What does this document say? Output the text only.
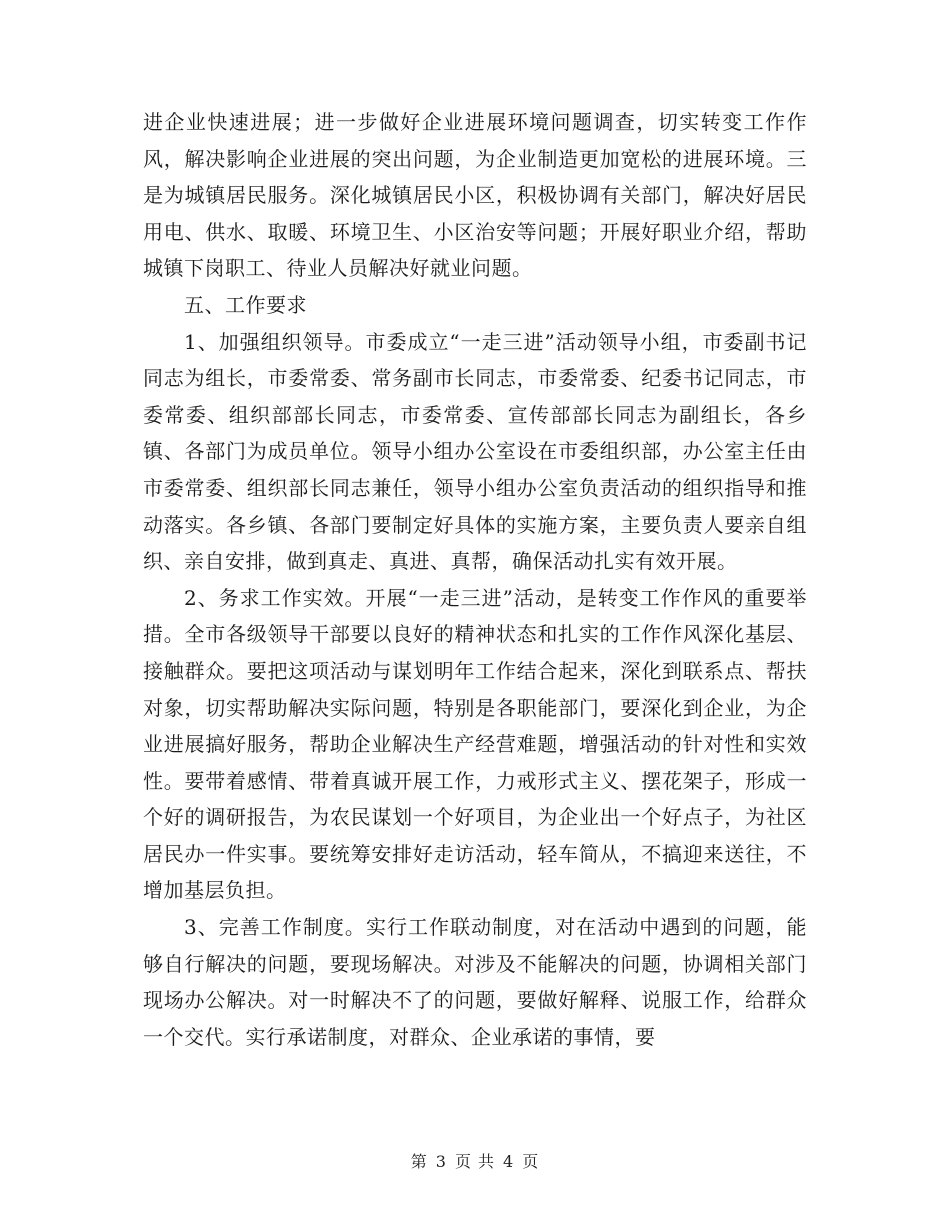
进企业快速进展；进一步做好企业进展环境问题调查，切实转变工作作风，解决影响企业进展的突出问题，为企业制造更加宽松的进展环境。三是为城镇居民服务。深化城镇居民小区，积极协调有关部门，解决好居民用电、供水、取暖、环境卫生、小区治安等问题；开展好职业介绍，帮助城镇下岗职工、待业人员解决好就业问题。

五、工作要求

1、加强组织领导。市委成立“一走三进”活动领导小组，市委副书记同志为组长，市委常委、常务副市长同志，市委常委、纪委书记同志，市委常委、组织部部长同志，市委常委、宣传部部长同志为副组长，各乡镇、各部门为成员单位。领导小组办公室设在市委组织部，办公室主任由市委常委、组织部长同志兼任，领导小组办公室负责活动的组织指导和推动落实。各乡镇、各部门要制定好具体的实施方案，主要负责人要亲自组织、亲自安排，做到真走、真进、真帮，确保活动扎实有效开展。

2、务求工作实效。开展“一走三进”活动，是转变工作作风的重要举措。全市各级领导干部要以良好的精神状态和扎实的工作作风深化基层、接触群众。要把这项活动与谋划明年工作结合起来，深化到联系点、帮扶对象，切实帮助解决实际问题，特别是各职能部门，要深化到企业，为企业进展搞好服务，帮助企业解决生产经营难题，增强活动的针对性和实效性。要带着感情、带着真诚开展工作，力戒形式主义、摆花架子，形成一个好的调研报告，为农民谋划一个好项目，为企业出一个好点子，为社区居民办一件实事。要统筹安排好走访活动，轻车简从，不搞迎来送往，不增加基层负担。

3、完善工作制度。实行工作联动制度，对在活动中遇到的问题，能够自行解决的问题，要现场解决。对涉及不能解决的问题，协调相关部门现场办公解决。对一时解决不了的问题，要做好解释、说服工作，给群众一个交代。实行承诺制度，对群众、企业承诺的事情，要

第 3 页 共 4 页
